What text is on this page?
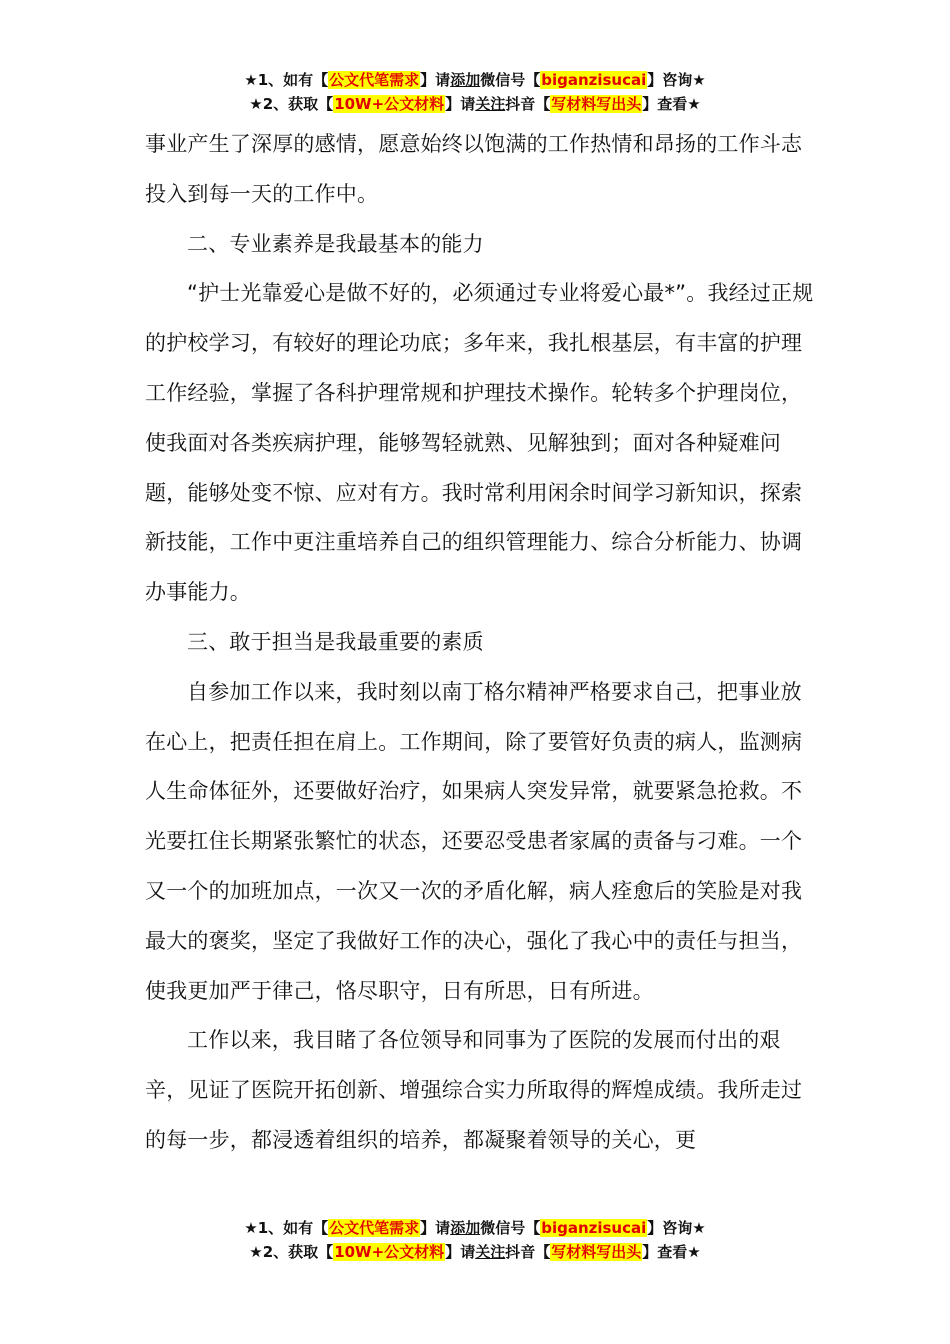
★1、如有【公文代笔需求】请添加微信号【biganzisucai】咨询★
★2、获取【10W+公文材料】请关注抖音【写材料写出头】查看★

事业产生了深厚的感情，愿意始终以饱满的工作热情和昂扬的工作斗志投入到每一天的工作中。

二、专业素养是我最基本的能力

“护士光靠爱心是做不好的，必须通过专业将爱心最*”。我经过正规的护校学习，有较好的理论功底；多年来，我扎根基层，有丰富的护理工作经验，掌握了各科护理常规和护理技术操作。轮转多个护理岗位，使我面对各类疾病护理，能够驾轻就熟、见解独到；面对各种疑难问题，能够处变不惊、应对有方。我时常利用闲余时间学习新知识，探索新技能，工作中更注重培养自己的组织管理能力、综合分析能力、协调办事能力。

三、敢于担当是我最重要的素质

自参加工作以来，我时刻以南丁格尔精神严格要求自己，把事业放在心上，把责任担在肩上。工作期间，除了要管好负责的病人，监测病人生命体征外，还要做好治疗，如果病人突发异常，就要紧急抢救。不光要扛住长期紧张繁忙的状态，还要忍受患者家属的责备与刁难。一个又一个的加班加点，一次又一次的矛盾化解，病人痊愈后的笑脸是对我最大的褒奖，坚定了我做好工作的决心，强化了我心中的责任与担当，使我更加严于律己，恪尽职守，日有所思，日有所进。

工作以来，我目睹了各位领导和同事为了医院的发展而付出的艰辛，见证了医院开拓创新、增强综合实力所取得的辉煌成绩。我所走过的每一步，都浸透着组织的培养，都凝聚着领导的关心，更

★1、如有【公文代笔需求】请添加微信号【biganzisucai】咨询★
★2、获取【10W+公文材料】请关注抖音【写材料写出头】查看★
